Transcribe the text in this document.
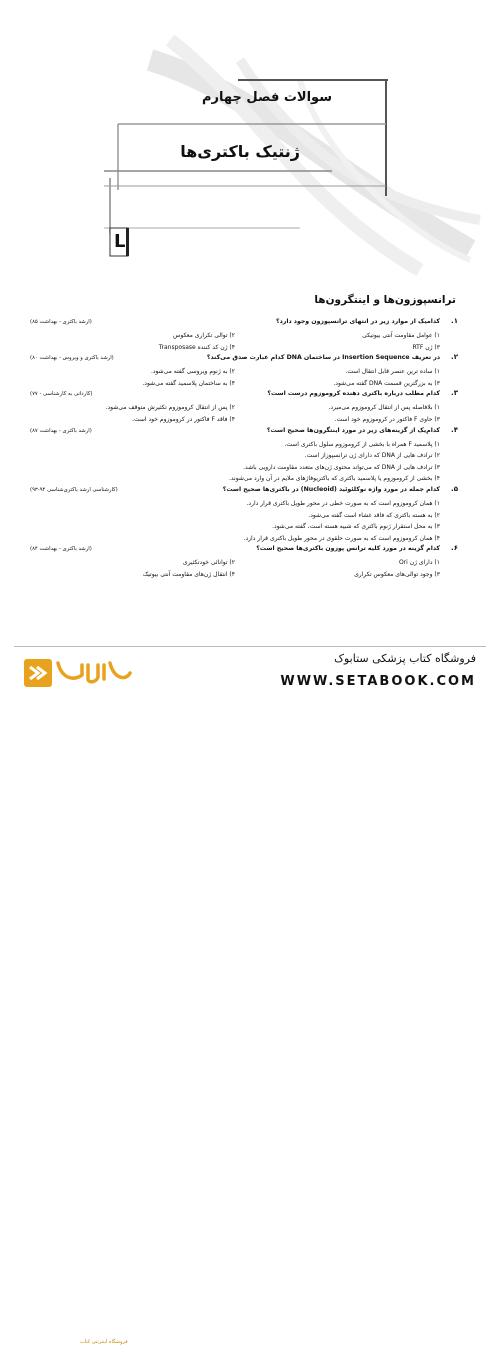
سوالات فصل چهارم
ژنتیک باکتری‌ها
L
ترانسپوزون‌ها و اینتگرون‌ها
۱.
کدامیک از موارد زیر در انتهای ترانسپوزون وجود دارد؟
(ارشد باکتری - بهداشت ۸۵)
۱) عوامل مقاومت آنتی بیوتیکی
۲) توالی تکراری معکوس
۳) ژن RTF
۴) ژن کد کننده Transposase
۲.
در تعریف Insertion Sequence در ساختمان DNA کدام عبارت صدق می‌کند؟
(ارشد باکتری و ویروس - بهداشت ۸۰)
۱) ساده ترین عنصر قابل انتقال است.
۲) به ژنوم ویروسی گفته می‌شود.
۳) به بزرگترین قسمت DNA گفته می‌شود.
۴) به ساختمان پلاسمید گفته می‌شود.
۳.
کدام مطلب درباره باکتری دهنده کروموزوم درست است؟
(کاردانی به کارشناسی - ۷۷)
۱) بلافاصله پس از انتقال کروموزوم می‌میرد.
۲) پس از انتقال کروموزوم تکثیرش متوقف می‌شود.
۳) حاوی F فاکتور در کروموزوم خود است.
۴) فاقد F فاکتور در کروموزوم خود است.
۴.
کدام‌یک از گزینه‌های زیر در مورد اینتگرون‌ها صحیح است؟
(ارشد باکتری - بهداشت ۸۷)
۱) پلاسمید F همراه با بخشی از کروموزوم سلول باکتری است.
۲) ترادف هایی از DNA که دارای ژن ترانسپوزاز است.
۳) ترادف هایی از DNA که می‌تواند محتوی ژن‌های متعدد مقاومت دارویی باشد.
۴) بخشی از کروموزوم یا پلاسمید باکتری که باکتریوفاژهای ملایم در آن وارد می‌شوند.
۵.
کدام جمله در مورد واژه نوکلئوئید (Nucleoid) در باکتری‌ها صحیح است؟
(کارشناسی ارشد باکتری‌شناسی ۹۴-۹۳)
۱) همان کروموزوم است که به صورت خطی در محور طویل باکتری قرار دارد.
۲) به هسته باکتری که فاقد غشاء است گفته می‌شود.
۳) به محل استقرار ژنوم باکتری که شبیه هسته است، گفته می‌شود.
۴) همان کروموزوم است که به صورت حلقوی در محور طویل باکتری قرار دارد.
۶.
کدام گزینه در مورد کلیه ترانس پوزون باکتری‌ها صحیح است؟
(ارشد باکتری - بهداشت ۸۴)
۱) دارای ژن Ori
۲) توانائی خودتکثیری
۳) وجود توالی‌های معکوس تکراری
۴) انتقال ژن‌های مقاومت آنتی بیوتیک
فروشگاه اینترنتی کتاب
فروشگاه کتاب پزشکی ستابوک
WWW.SETABOOK.COM
